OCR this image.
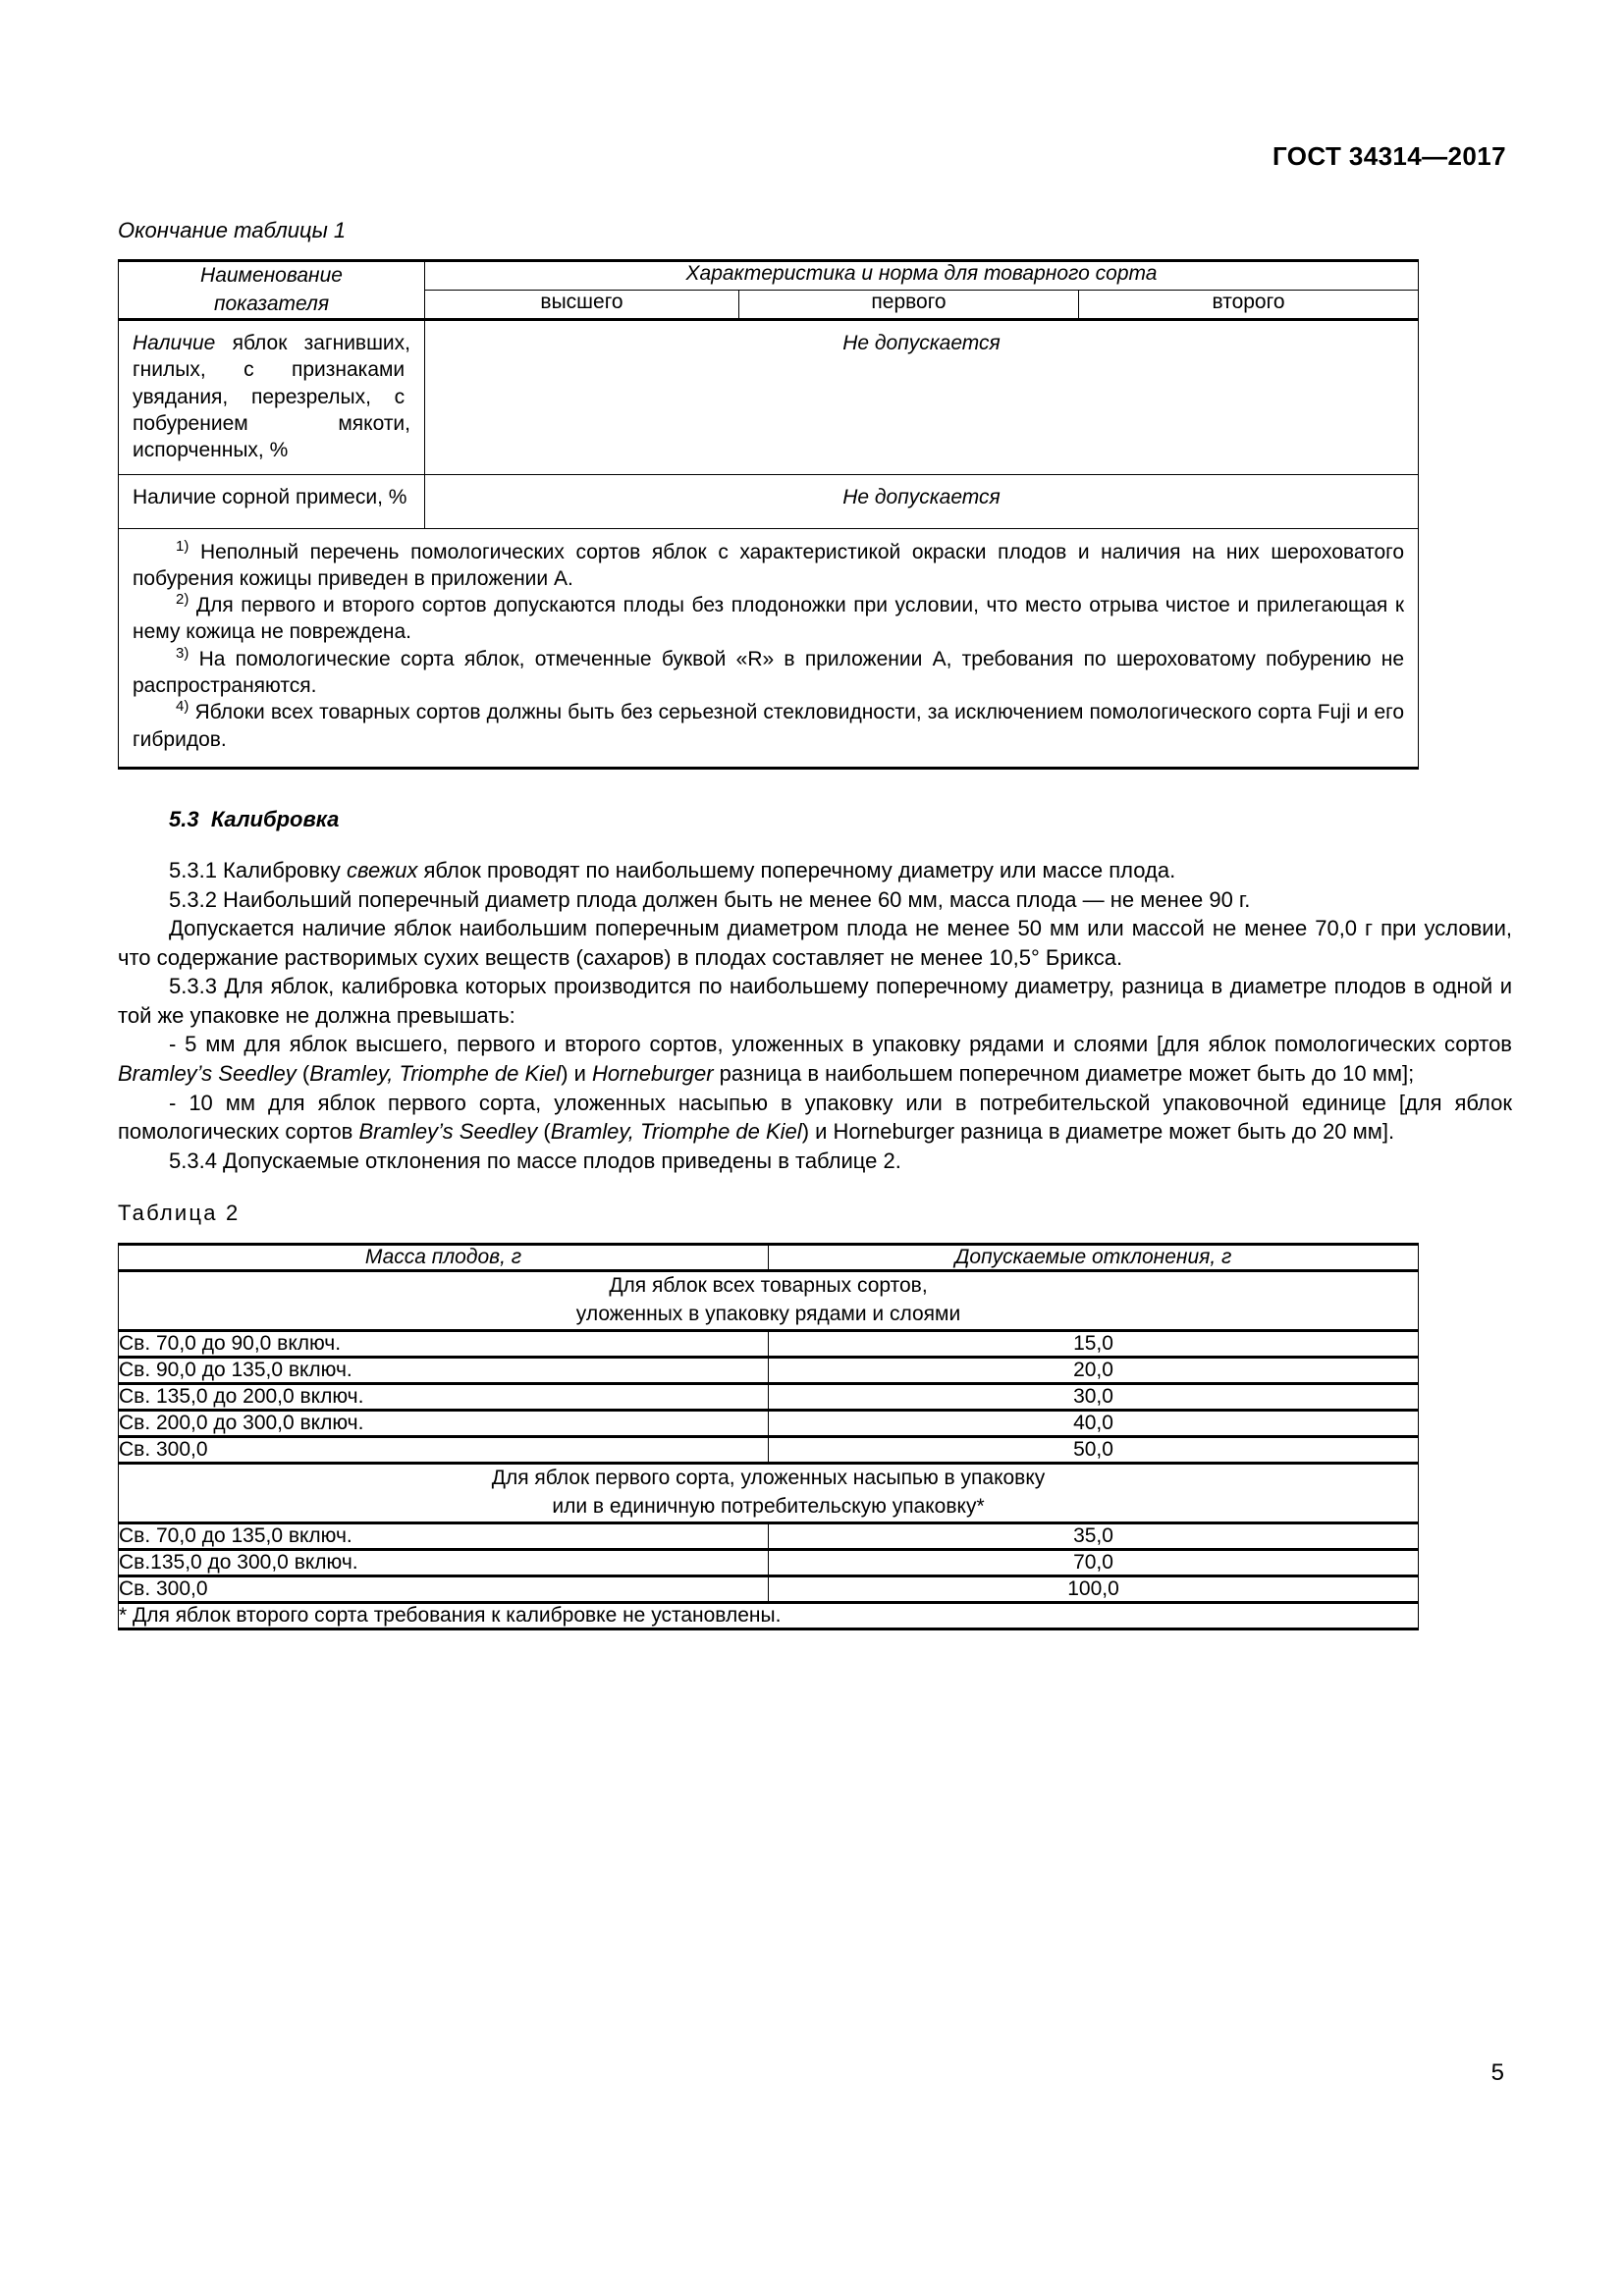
ГОСТ 34314—2017
Окончание таблицы 1
Наименование
показателя	Характеристика и норма для товарного сорта		
	высшего	первого	второго

Наличие  яблок  загнивших, гнилых, с признаками  увядания,  перезрелых,  с  побурением мякоти, испорченных, %	Не допускается		

Наличие сорной примеси, %	Не допускается		

$^{1)}$ Неполный перечень помологических сортов яблок с характеристикой окраски плодов и наличия на них шероховатого побурения кожицы приведен в приложении А.

$^{2)}$ Для первого и второго сортов допускаются плоды без плодоножки при условии, что место отрыва чистое и прилегающая к нему кожица не повреждена.

$^{3)}$ На помологические сорта яблок, отмеченные буквой «R» в приложении А, требования по шероховатому побурению не распространяются.

$^{4)}$ Яблоки всех товарных сортов должны быть без серьезной стекловидности, за исключением помологического сорта Fuji и его гибридов.			

5.3 Калибровка

5.3.1 Калибровку свежих яблок проводят по наибольшему поперечному диаметру или массе плода.

5.3.2 Наибольший поперечный диаметр плода должен быть не менее 60 мм, масса плода — не менее 90 г.

Допускается наличие яблок наибольшим поперечным диаметром плода не менее 50 мм или массой не менее 70,0 г при условии, что содержание растворимых сухих веществ (сахаров) в плодах составляет не менее 10,5° Брикса.

5.3.3 Для яблок, калибровка которых производится по наибольшему поперечному диаметру, разница в диаметре плодов в одной и той же упаковке не должна превышать:

- 5 мм для яблок высшего, первого и второго сортов, уложенных в упаковку рядами и слоями [для яблок помологических сортов Bramley’s Seedley (Bramley, Triomphe de Kiel) и Horneburger разница в наибольшем поперечном диаметре может быть до 10 мм];

- 10 мм для яблок первого сорта, уложенных насыпью в упаковку или в потребительской упаковочной единице [для яблок помологических сортов Bramley’s Seedley (Bramley, Triomphe de Kiel) и Horneburger разница в диаметре может быть до 20 мм].

5.3.4 Допускаемые отклонения по массе плодов приведены в таблице 2.

Таблица 2
Масса плодов, г	Допускаемые отклонения, г
Для яблок всех товарных сортов,
уложенных в упаковку рядами и слоями	
Св. 70,0 до 90,0 включ.	15,0
Св. 90,0 до 135,0 включ.	20,0
Св. 135,0 до 200,0 включ.	30,0
Св. 200,0 до 300,0 включ.	40,0
Св. 300,0	50,0
Для яблок первого сорта, уложенных насыпью в упаковку
или в единичную потребительскую упаковку*	
Св. 70,0 до 135,0 включ.	35,0
Св.135,0 до 300,0 включ.	70,0
Св. 300,0	100,0
* Для яблок второго сорта требования к калибровке не установлены.	
5
